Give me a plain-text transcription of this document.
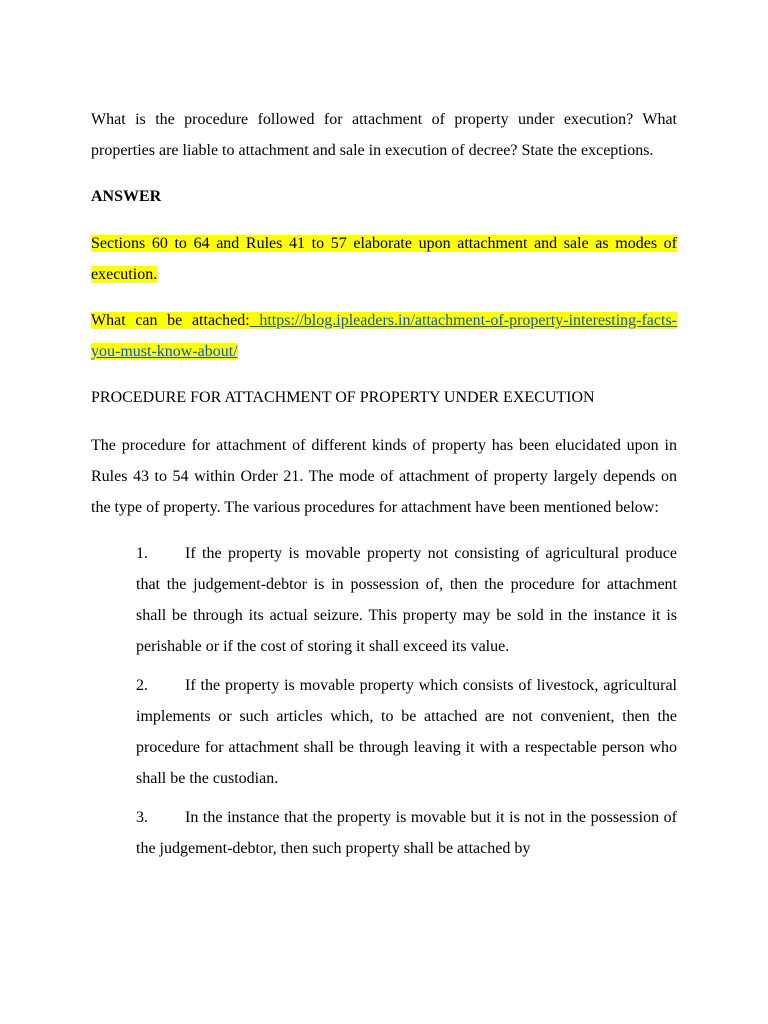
What is the procedure followed for attachment of property under execution? What properties are liable to attachment and sale in execution of decree? State the exceptions.

ANSWER

Sections 60 to 64 and Rules 41 to 57 elaborate upon attachment and sale as modes of execution.

What can be attached: https://blog.ipleaders.in/attachment-of-property-interesting-facts-you-must-know-about/

PROCEDURE FOR ATTACHMENT OF PROPERTY UNDER EXECUTION

The procedure for attachment of different kinds of property has been elucidated upon in Rules 43 to 54 within Order 21. The mode of attachment of property largely depends on the type of property. The various procedures for attachment have been mentioned below:

1. If the property is movable property not consisting of agricultural produce that the judgement-debtor is in possession of, then the procedure for attachment shall be through its actual seizure. This property may be sold in the instance it is perishable or if the cost of storing it shall exceed its value.

2. If the property is movable property which consists of livestock, agricultural implements or such articles which, to be attached are not convenient, then the procedure for attachment shall be through leaving it with a respectable person who shall be the custodian.

3. In the instance that the property is movable but it is not in the possession of the judgement-debtor, then such property shall be attached by
